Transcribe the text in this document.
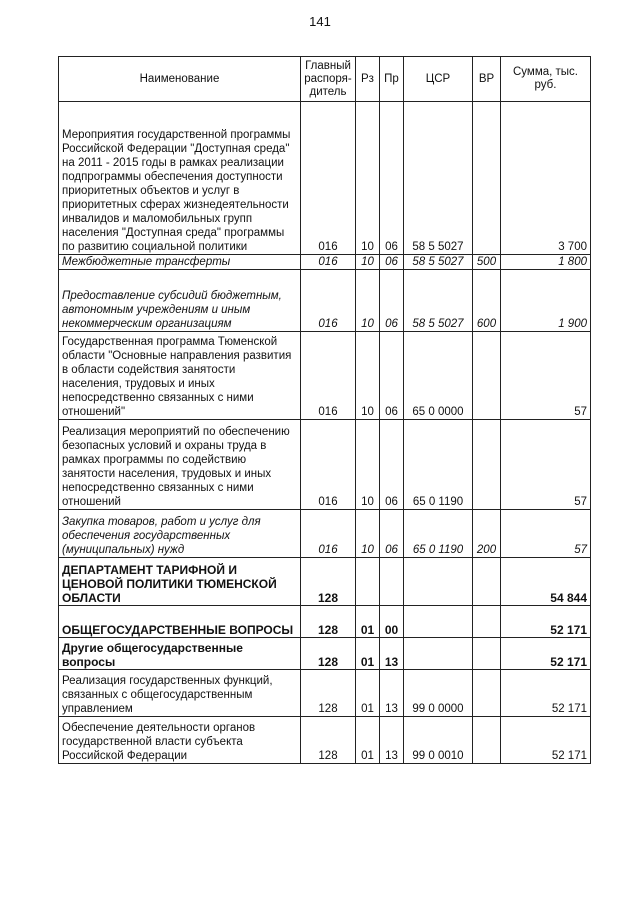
141
Наименование	Главный распоря-дитель	Рз	Пр	ЦСР	ВР	Сумма, тыс. руб.
Мероприятия государственной программы Российской Федерации "Доступная среда" на 2011 - 2015 годы в рамках реализации подпрограммы обеспечения доступности приоритетных объектов и услуг в приоритетных сферах жизнедеятельности инвалидов и маломобильных групп населения "Доступная среда" программы по развитию социальной политики	016	10	06	58 5 5027		3 700
Межбюджетные трансферты	016	10	06	58 5 5027	500	1 800
Предоставление субсидий бюджетным, автономным учреждениям и иным некоммерческим организациям	016	10	06	58 5 5027	600	1 900
Государственная программа Тюменской области "Основные направления развития в области содействия занятости населения, трудовых и иных непосредственно связанных с ними отношений"	016	10	06	65 0 0000		57
Реализация мероприятий по обеспечению безопасных условий и охраны труда в рамках программы по содействию занятости населения, трудовых и иных непосредственно связанных с ними отношений	016	10	06	65 0 1190		57
Закупка товаров, работ и услуг для обеспечения государственных (муниципальных) нужд	016	10	06	65 0 1190	200	57
ДЕПАРТАМЕНТ ТАРИФНОЙ И ЦЕНОВОЙ ПОЛИТИКИ ТЮМЕНСКОЙ ОБЛАСТИ	128					54 844
ОБЩЕГОСУДАРСТВЕННЫЕ ВОПРОСЫ	128	01	00			52 171
Другие общегосударственные вопросы	128	01	13			52 171
Реализация государственных функций, связанных с общегосударственным управлением	128	01	13	99 0 0000		52 171
Обеспечение деятельности органов государственной власти субъекта Российской Федерации	128	01	13	99 0 0010		52 171
